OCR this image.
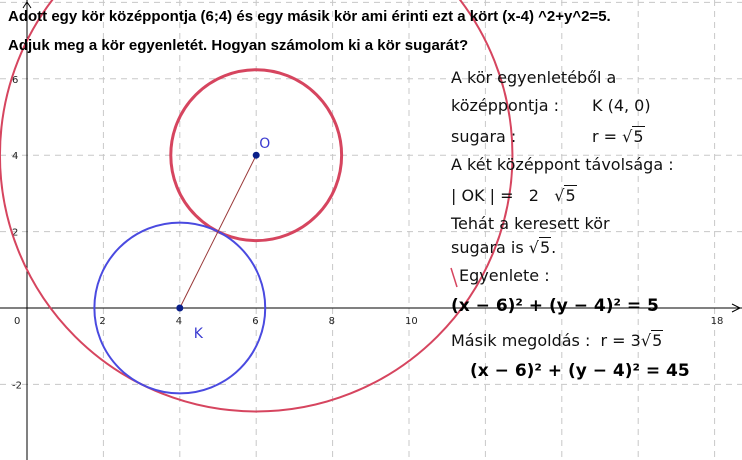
0	2	4	6	8	10	18
6
4
2
-2
O
K
Adott egy kör középpontja (6;4) és egy másik kör ami érinti ezt a kört (x-4) ^2+y^2=5.
Adjuk meg a kör egyenletét. Hogyan számolom ki a kör sugarát?
A kör egyenletéből a
középpontja : K (4, 0)
sugara :	r = √5
A két középpont távolsága :
| OK | = 2 √5
Tehát a keresett kör
sugara is √5.
Egyenlete :
(x − 6)² + (y − 4)² = 5
Másik megoldás : r = 3√5
(x − 6)² + (y − 4)² = 45
